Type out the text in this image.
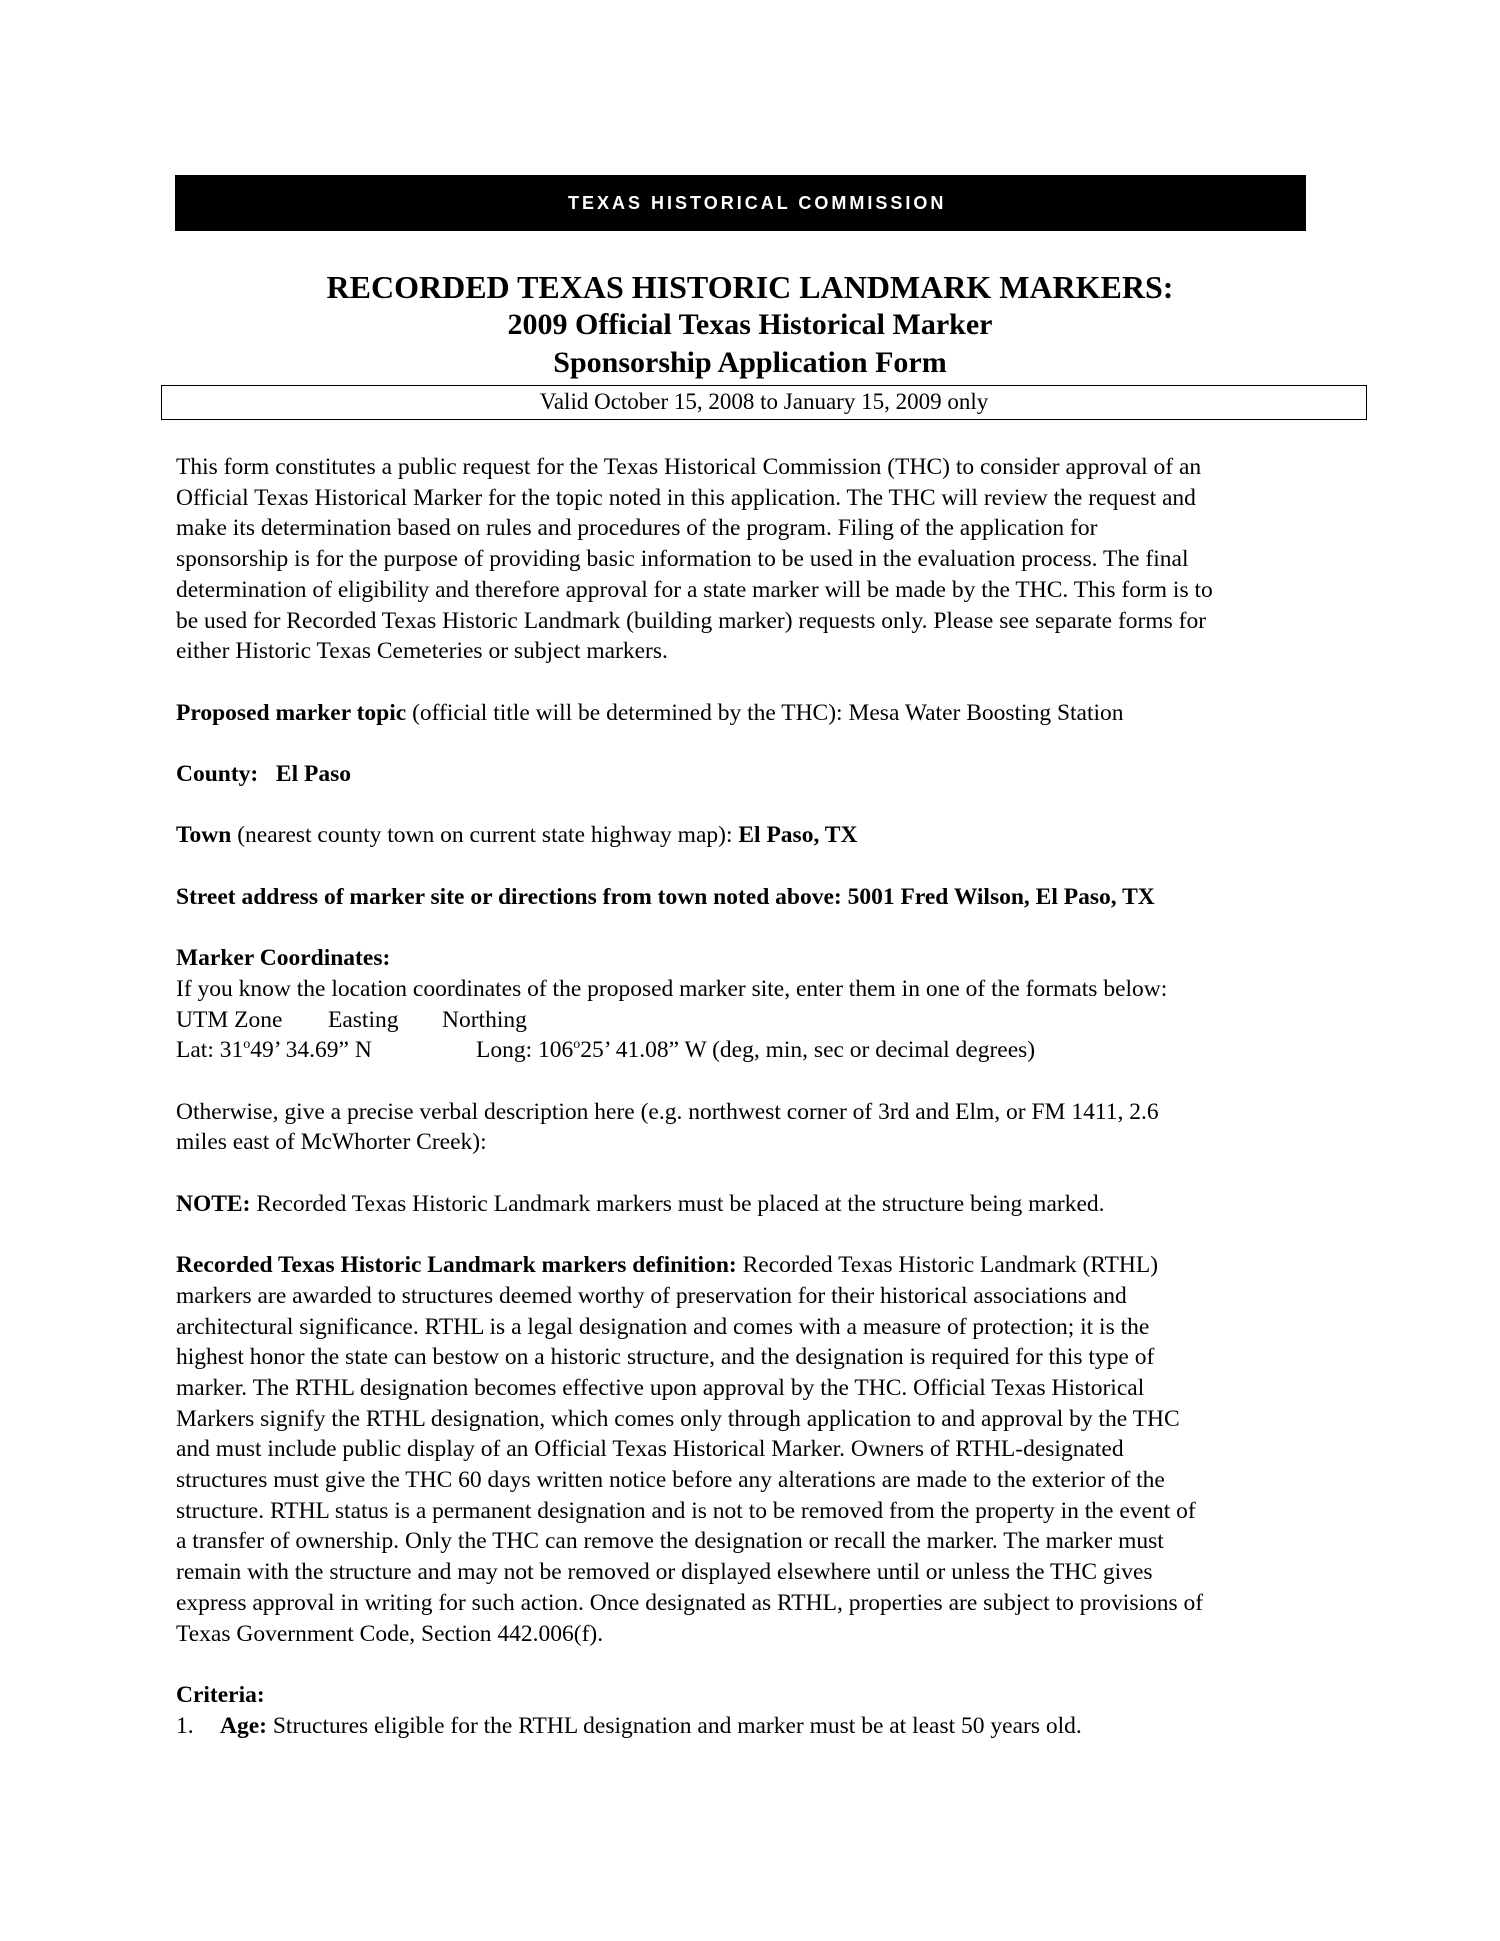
TEXAS HISTORICAL COMMISSION
RECORDED TEXAS HISTORIC LANDMARK MARKERS:
2009 Official Texas Historical Marker
Sponsorship Application Form
Valid October 15, 2008 to January 15, 2009 only

This form constitutes a public request for the Texas Historical Commission (THC) to consider approval of an

Official Texas Historical Marker for the topic noted in this application. The THC will review the request and

make its determination based on rules and procedures of the program. Filing of the application for

sponsorship is for the purpose of providing basic information to be used in the evaluation process. The final

determination of eligibility and therefore approval for a state marker will be made by the THC. This form is to

be used for Recorded Texas Historic Landmark (building marker) requests only. Please see separate forms for

either Historic Texas Cemeteries or subject markers.

Proposed marker topic (official title will be determined by the THC): Mesa Water Boosting Station

County: El Paso

Town (nearest county town on current state highway map): El Paso, TX

Street address of marker site or directions from town noted above: 5001 Fred Wilson, El Paso, TX

Marker Coordinates:

If you know the location coordinates of the proposed marker site, enter them in one of the formats below:

UTM Zone Easting Northing

Lat: 31$^o$49’ 34.69” N	Long: 106$^o$25’ 41.08” W (deg, min, sec or decimal degrees)

Otherwise, give a precise verbal description here (e.g. northwest corner of 3rd and Elm, or FM 1411, 2.6

miles east of McWhorter Creek):

NOTE: Recorded Texas Historic Landmark markers must be placed at the structure being marked.

Recorded Texas Historic Landmark markers definition: Recorded Texas Historic Landmark (RTHL)

markers are awarded to structures deemed worthy of preservation for their historical associations and

architectural significance. RTHL is a legal designation and comes with a measure of protection; it is the

highest honor the state can bestow on a historic structure, and the designation is required for this type of

marker. The RTHL designation becomes effective upon approval by the THC. Official Texas Historical

Markers signify the RTHL designation, which comes only through application to and approval by the THC

and must include public display of an Official Texas Historical Marker. Owners of RTHL-designated

structures must give the THC 60 days written notice before any alterations are made to the exterior of the

structure. RTHL status is a permanent designation and is not to be removed from the property in the event of

a transfer of ownership. Only the THC can remove the designation or recall the marker. The marker must

remain with the structure and may not be removed or displayed elsewhere until or unless the THC gives

express approval in writing for such action. Once designated as RTHL, properties are subject to provisions of

Texas Government Code, Section 442.006(f).

Criteria:

1. Age: Structures eligible for the RTHL designation and marker must be at least 50 years old.
